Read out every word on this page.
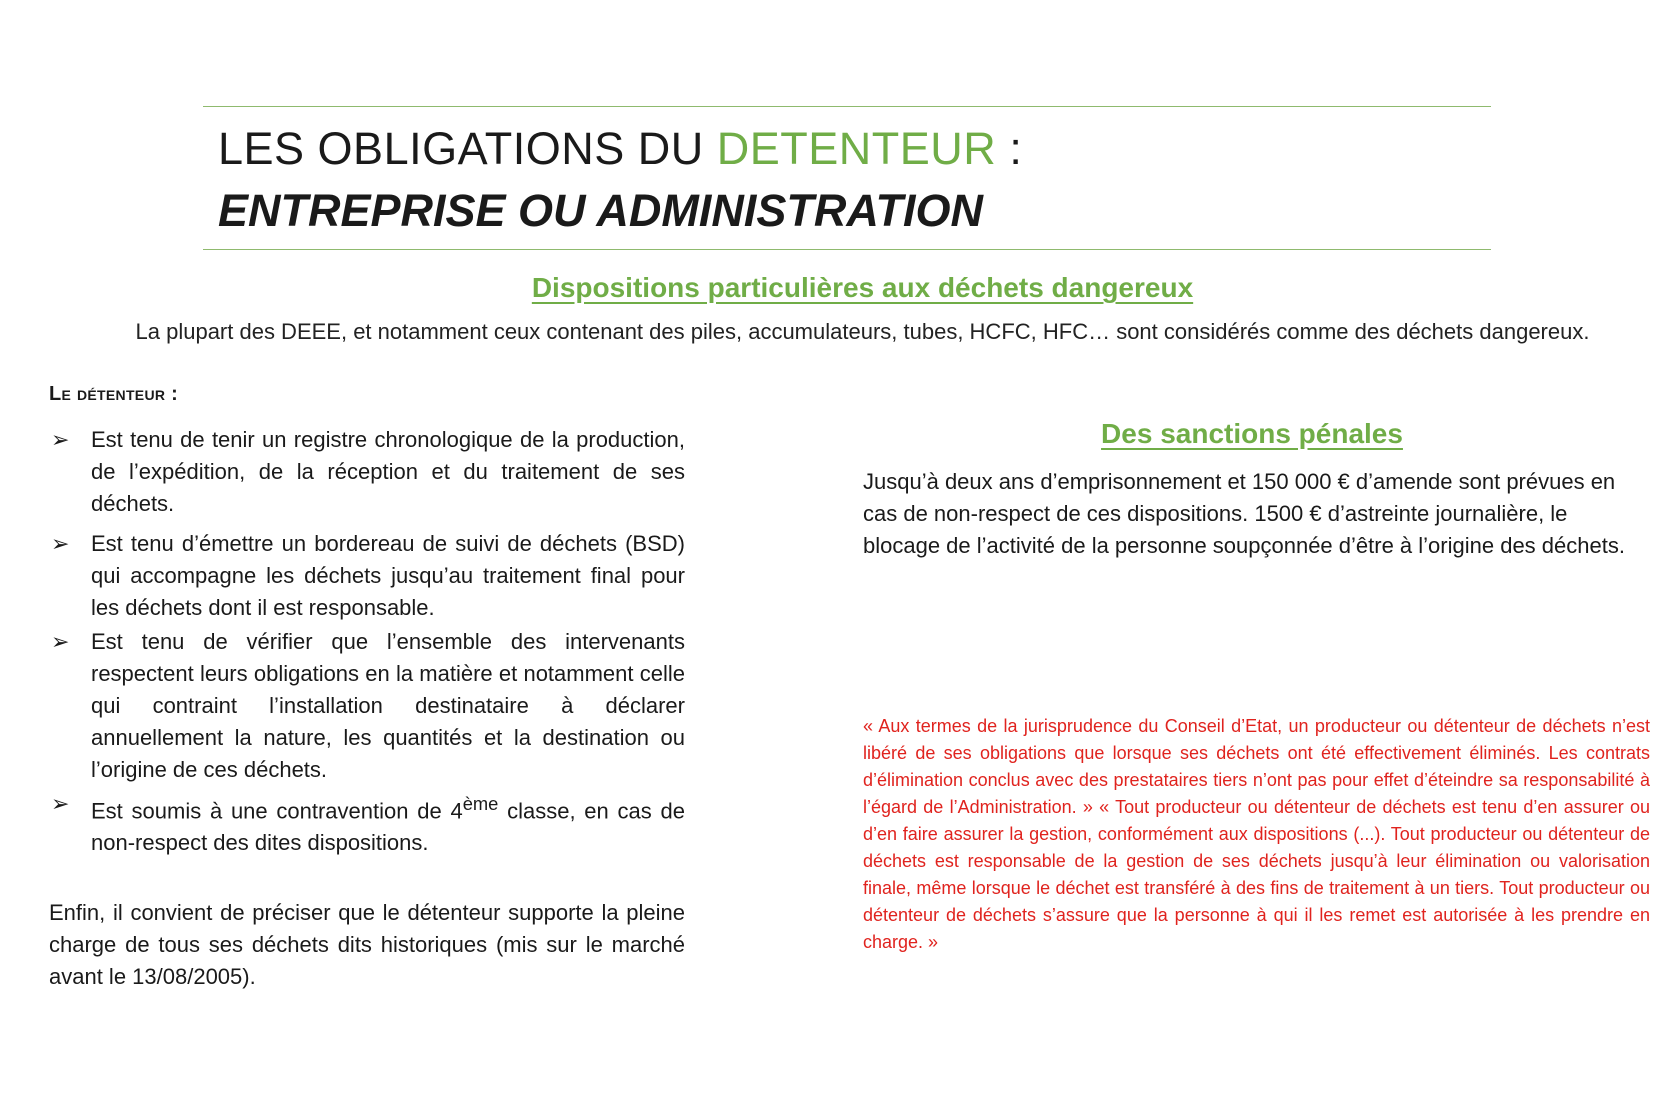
LES OBLIGATIONS DU DETENTEUR :
ENTREPRISE OU ADMINISTRATION
Dispositions particulières aux déchets dangereux
La plupart des DEEE, et notamment ceux contenant des piles, accumulateurs, tubes, HCFC, HFC… sont considérés comme des déchets dangereux.
Le détenteur :
➢ Est tenu de tenir un registre chronologique de la production, de l’expédition, de la réception et du traitement de ses déchets.
➢ Est tenu d’émettre un bordereau de suivi de déchets (BSD) qui accompagne les déchets jusqu’au traitement final pour les déchets dont il est responsable.
➢ Est tenu de vérifier que l’ensemble des intervenants respectent leurs obligations en la matière et notamment celle qui contraint l’installation destinataire à déclarer annuellement la nature, les quantités et la destination ou l’origine de ces déchets.
➢ Est soumis à une contravention de 4ème classe, en cas de non-respect des dites dispositions.
Enfin, il convient de préciser que le détenteur supporte la pleine charge de tous ses déchets dits historiques (mis sur le marché avant le 13/08/2005).
Des sanctions pénales
Jusqu’à deux ans d’emprisonnement et 150 000 € d’amende sont prévues en cas de non-respect de ces dispositions. 1500 € d’astreinte journalière, le blocage de l’activité de la personne soupçonnée d’être à l’origine des déchets.
« Aux termes de la jurisprudence du Conseil d’Etat, un producteur ou détenteur de déchets n’est libéré de ses obligations que lorsque ses déchets ont été effectivement éliminés. Les contrats d’élimination conclus avec des prestataires tiers n’ont pas pour effet d’éteindre sa responsabilité à l’égard de l’Administration. » « Tout producteur ou détenteur de déchets est tenu d’en assurer ou d’en faire assurer la gestion, conformément aux dispositions (...). Tout producteur ou détenteur de déchets est responsable de la gestion de ses déchets jusqu’à leur élimination ou valorisation finale, même lorsque le déchet est transféré à des fins de traitement à un tiers. Tout producteur ou détenteur de déchets s’assure que la personne à qui il les remet est autorisée à les prendre en charge. »
